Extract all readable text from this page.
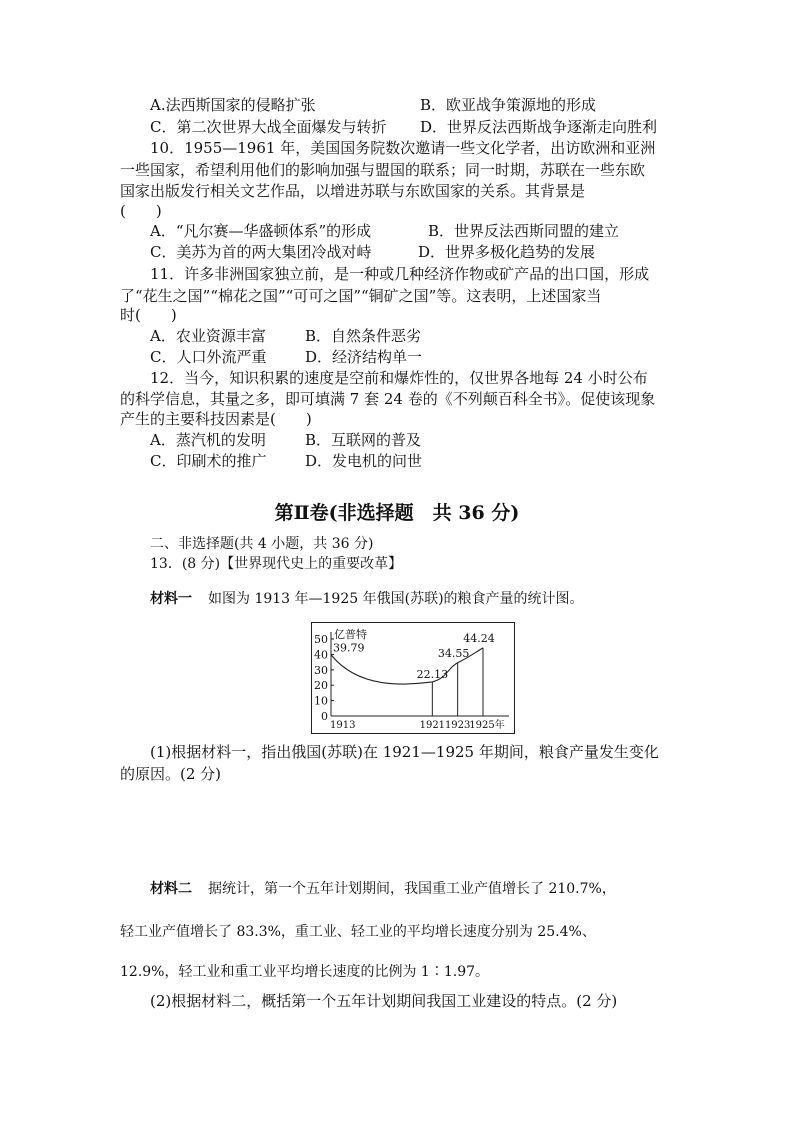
A.法西斯国家的侵略扩张	B．欧亚战争策源地的形成
C．第二次世界大战全面爆发与转折 D．世界反法西斯战争逐渐走向胜利
10．1955—1961 年，美国国务院数次邀请一些文化学者，出访欧洲和亚洲
一些国家，希望利用他们的影响加强与盟国的联系；同一时期，苏联在一些东欧
国家出版发行相关文艺作品，以增进苏联与东欧国家的关系。其背景是
(　　)
A．“凡尔赛—华盛顿体系”的形成	B．世界反法西斯同盟的建立
C．美苏为首的两大集团冷战对峙	D．世界多极化趋势的发展
11．许多非洲国家独立前，是一种或几种经济作物或矿产品的出口国，形成
了“花生之国”“棉花之国”“可可之国”“铜矿之国”等。这表明，上述国家当
时(　　)
A．农业资源丰富	B．自然条件恶劣
C．人口外流严重	D．经济结构单一
12．当今，知识积累的速度是空前和爆炸性的，仅世界各地每 24 小时公布
的科学信息，其量之多，即可填满 7 套 24 卷的《不列颠百科全书》。促使该现象
产生的主要科技因素是(　　)
A．蒸汽机的发明	B．互联网的普及
C．印刷术的推广	D．发电机的问世
第Ⅱ卷(非选择题　共 36 分)
二、非选择题(共 4 小题，共 36 分)
13．(8 分)【世界现代史上的重要改革】
材料一 如图为 1913 年—1925 年俄国(苏联)的粮食产量的统计图。
0
10
20
30
40
50 亿普特
1913	1921 1923
1925年
39.79
22.13
34.55
44.24
(1)根据材料一，指出俄国(苏联)在 1921—1925 年期间，粮食产量发生变化
的原因。(2 分)
材料二 据统计，第一个五年计划期间，我国重工业产值增长了 210.7%，
轻工业产值增长了 83.3%，重工业、轻工业的平均增长速度分别为 25.4%、
12.9%，轻工业和重工业平均增长速度的比例为 1∶1.97。
(2)根据材料二，概括第一个五年计划期间我国工业建设的特点。(2 分)
